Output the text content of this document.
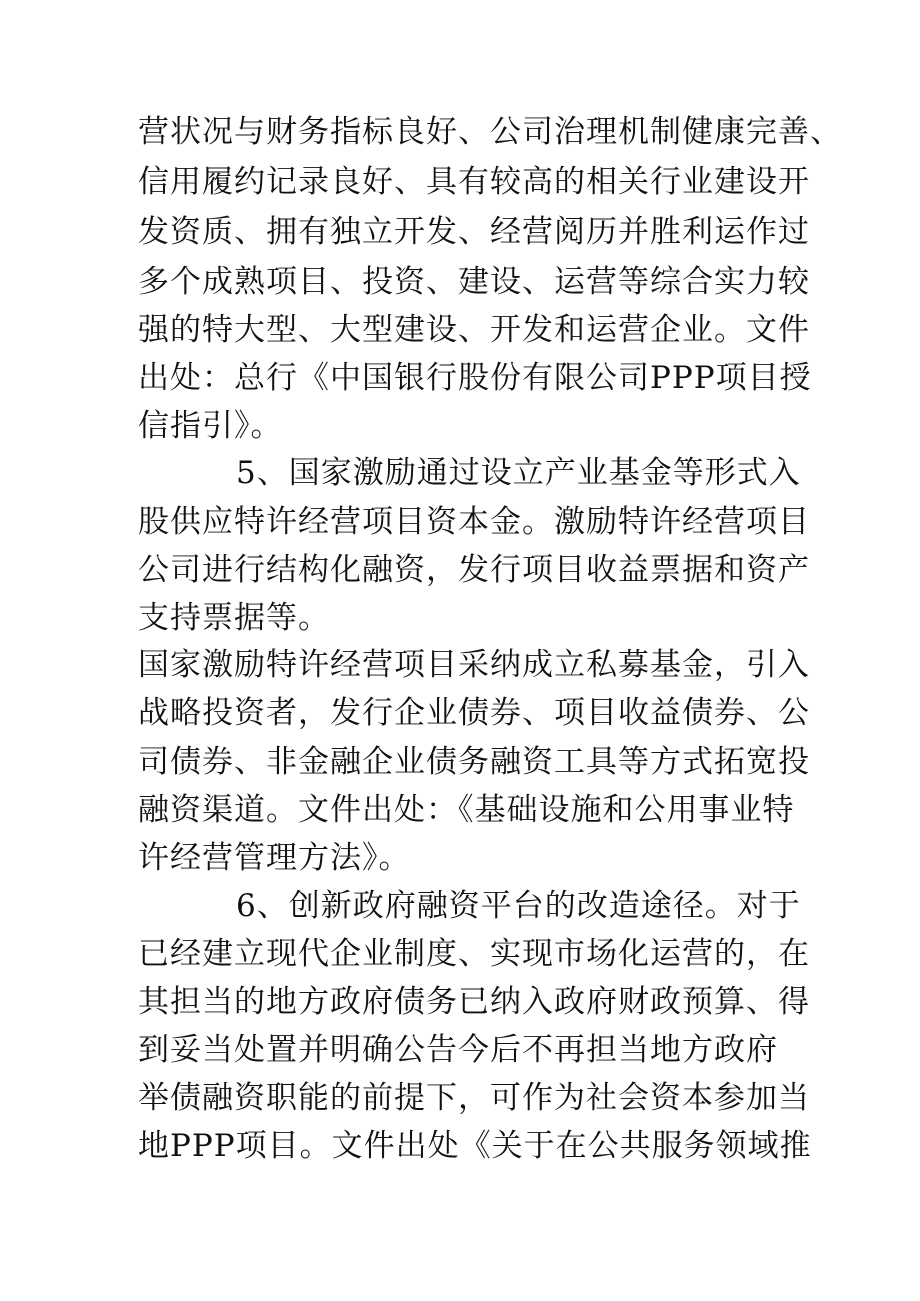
营状况与财务指标良好、公司治理机制健康完善、
信用履约记录良好、具有较高的相关行业建设开
发资质、拥有独立开发、经营阅历并胜利运作过
多个成熟项目、投资、建设、运营等综合实力较
强的特大型、大型建设、开发和运营企业。文件
出处：总行《中国银行股份有限公司PPP项目授
信指引》。
5、国家激励通过设立产业基金等形式入
股供应特许经营项目资本金。激励特许经营项目
公司进行结构化融资，发行项目收益票据和资产
支持票据等。
国家激励特许经营项目采纳成立私募基金，引入
战略投资者，发行企业债券、项目收益债券、公
司债券、非金融企业债务融资工具等方式拓宽投
融资渠道。文件出处：《基础设施和公用事业特
许经营管理方法》。
6、创新政府融资平台的改造途径。对于
已经建立现代企业制度、实现市场化运营的，在
其担当的地方政府债务已纳入政府财政预算、得
到妥当处置并明确公告今后不再担当地方政府
举债融资职能的前提下，可作为社会资本参加当
地PPP项目。文件出处《关于在公共服务领域推
